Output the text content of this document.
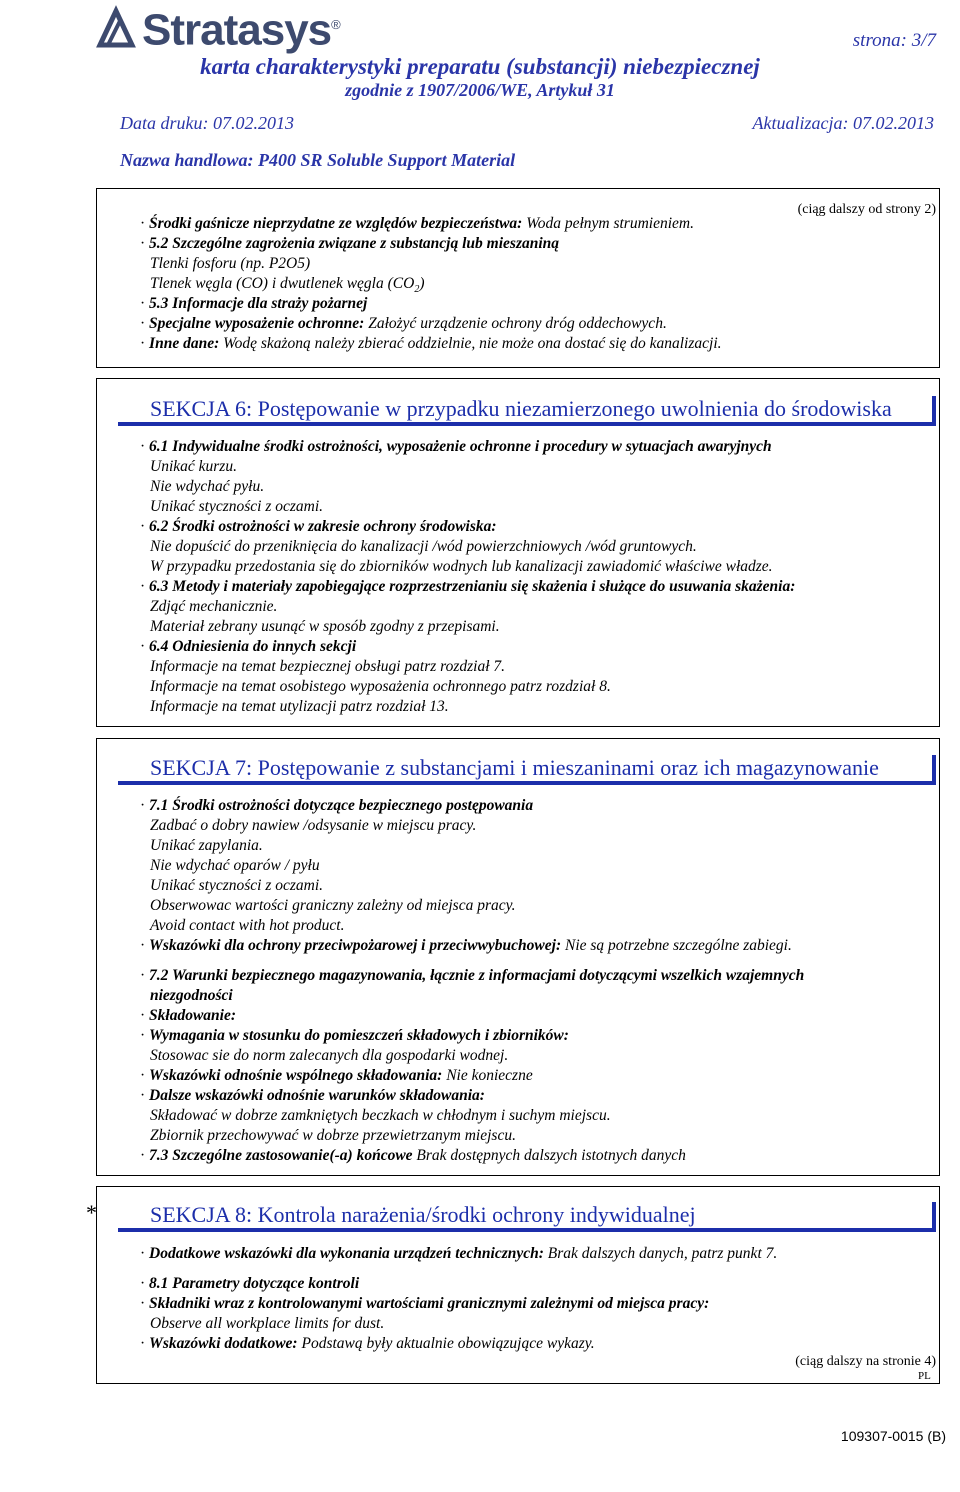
Stratasys®
strona: 3/7
karta charakterystyki preparatu (substancji) niebezpiecznej
zgodnie z 1907/2006/WE, Artykuł 31
Data druku: 07.02.2013	Aktualizacja: 07.02.2013
Nazwa handlowa: P400 SR Soluble Support Material
(ciąg dalszy od strony 2)
· Środki gaśnicze nieprzydatne ze względów bezpieczeństwa: Woda pełnym strumieniem.
· 5.2 Szczególne zagrożenia związane z substancją lub mieszaniną
Tlenki fosforu (np. P2O5)
Tlenek węgla (CO) i dwutlenek węgla $(CO_2)$
· 5.3 Informacje dla straży pożarnej
· Specjalne wyposażenie ochronne: Założyć urządzenie ochrony dróg oddechowych.
· Inne dane: Wodę skażoną należy zbierać oddzielnie, nie może ona dostać się do kanalizacji.
SEKCJA 6: Postępowanie w przypadku niezamierzonego uwolnienia do środowiska
· 6.1 Indywidualne środki ostrożności, wyposażenie ochronne i procedury w sytuacjach awaryjnych
Unikać kurzu.
Nie wdychać pyłu.
Unikać styczności z oczami.
· 6.2 Środki ostrożności w zakresie ochrony środowiska:
Nie dopuścić do przeniknięcia do kanalizacji /wód powierzchniowych /wód gruntowych.
W przypadku przedostania się do zbiorników wodnych lub kanalizacji zawiadomić właściwe władze.
· 6.3 Metody i materiały zapobiegające rozprzestrzenianiu się skażenia i służące do usuwania skażenia:
Zdjąć mechanicznie.
Materiał zebrany usunąć w sposób zgodny z przepisami.
· 6.4 Odniesienia do innych sekcji
Informacje na temat bezpiecznej obsługi patrz rozdział 7.
Informacje na temat osobistego wyposażenia ochronnego patrz rozdział 8.
Informacje na temat utylizacji patrz rozdział 13.
SEKCJA 7: Postępowanie z substancjami i mieszaninami oraz ich magazynowanie
· 7.1 Środki ostrożności dotyczące bezpiecznego postępowania
Zadbać o dobry nawiew /odsysanie w miejscu pracy.
Unikać zapylania.
Nie wdychać oparów / pyłu
Unikać styczności z oczami.
Obserwowac wartości graniczny zależny od miejsca pracy.
Avoid contact with hot product.
· Wskazówki dla ochrony przeciwpożarowej i przeciwwybuchowej: Nie są potrzebne szczególne zabiegi.
· 7.2 Warunki bezpiecznego magazynowania, łącznie z informacjami dotyczącymi wszelkich wzajemnych
niezgodności
· Składowanie:
· Wymagania w stosunku do pomieszczeń składowych i zbiorników:
Stosowac sie do norm zalecanych dla gospodarki wodnej.
· Wskazówki odnośnie wspólnego składowania: Nie konieczne
· Dalsze wskazówki odnośnie warunków składowania:
Składować w dobrze zamkniętych beczkach w chłodnym i suchym miejscu.
Zbiornik przechowywać w dobrze przewietrzanym miejscu.
· 7.3 Szczególne zastosowanie(-a) końcowe Brak dostępnych dalszych istotnych danych
*	SEKCJA 8: Kontrola narażenia/środki ochrony indywidualnej
· Dodatkowe wskazówki dla wykonania urządzeń technicznych: Brak dalszych danych, patrz punkt 7.
· 8.1 Parametry dotyczące kontroli
· Składniki wraz z kontrolowanymi wartościami granicznymi zależnymi od miejsca pracy:
Observe all workplace limits for dust.
· Wskazówki dodatkowe: Podstawą były aktualnie obowiązujące wykazy.
(ciąg dalszy na stronie 4)
PL
109307-0015 (B)
